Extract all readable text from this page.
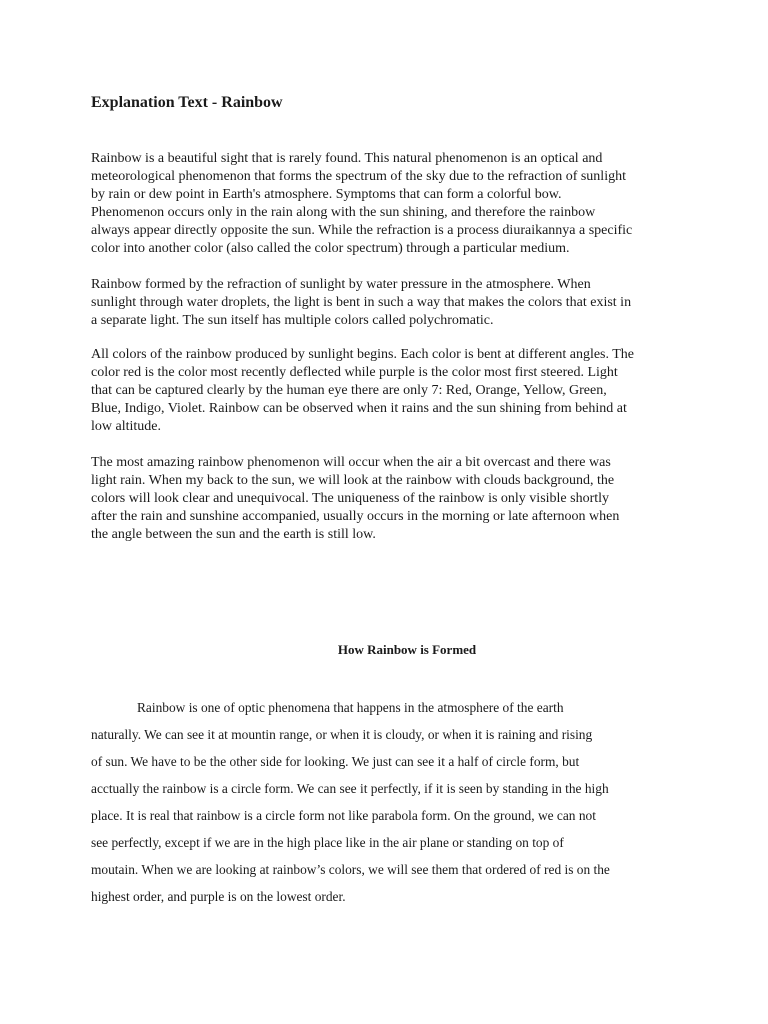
Explanation Text - Rainbow

Rainbow is a beautiful sight that is rarely found. This natural phenomenon is an optical and
meteorological phenomenon that forms the spectrum of the sky due to the refraction of sunlight
by rain or dew point in Earth's atmosphere. Symptoms that can form a colorful bow.
Phenomenon occurs only in the rain along with the sun shining, and therefore the rainbow
always appear directly opposite the sun. While the refraction is a process diuraikannya a specific
color into another color (also called the color spectrum) through a particular medium.

Rainbow formed by the refraction of sunlight by water pressure in the atmosphere. When
sunlight through water droplets, the light is bent in such a way that makes the colors that exist in
a separate light. The sun itself has multiple colors called polychromatic.

All colors of the rainbow produced by sunlight begins. Each color is bent at different angles. The
color red is the color most recently deflected while purple is the color most first steered. Light
that can be captured clearly by the human eye there are only 7: Red, Orange, Yellow, Green,
Blue, Indigo, Violet. Rainbow can be observed when it rains and the sun shining from behind at
low altitude.

The most amazing rainbow phenomenon will occur when the air a bit overcast and there was
light rain. When my back to the sun, we will look at the rainbow with clouds background, the
colors will look clear and unequivocal. The uniqueness of the rainbow is only visible shortly
after the rain and sunshine accompanied, usually occurs in the morning or late afternoon when
the angle between the sun and the earth is still low.

How Rainbow is Formed

Rainbow is one of optic phenomena that happens in the atmosphere of the earth
naturally. We can see it at mountin range, or when it is cloudy, or when it is raining and rising
of sun. We have to be the other side for looking. We just can see it a half of circle form, but
acctually the rainbow is a circle form. We can see it perfectly, if it is seen by standing in the high
place. It is real that rainbow is a circle form not like parabola form. On the ground, we can not
see perfectly, except if we are in the high place like in the air plane or standing on top of
moutain. When we are looking at rainbow’s colors, we will see them that ordered of red is on the
highest order, and purple is on the lowest order.
